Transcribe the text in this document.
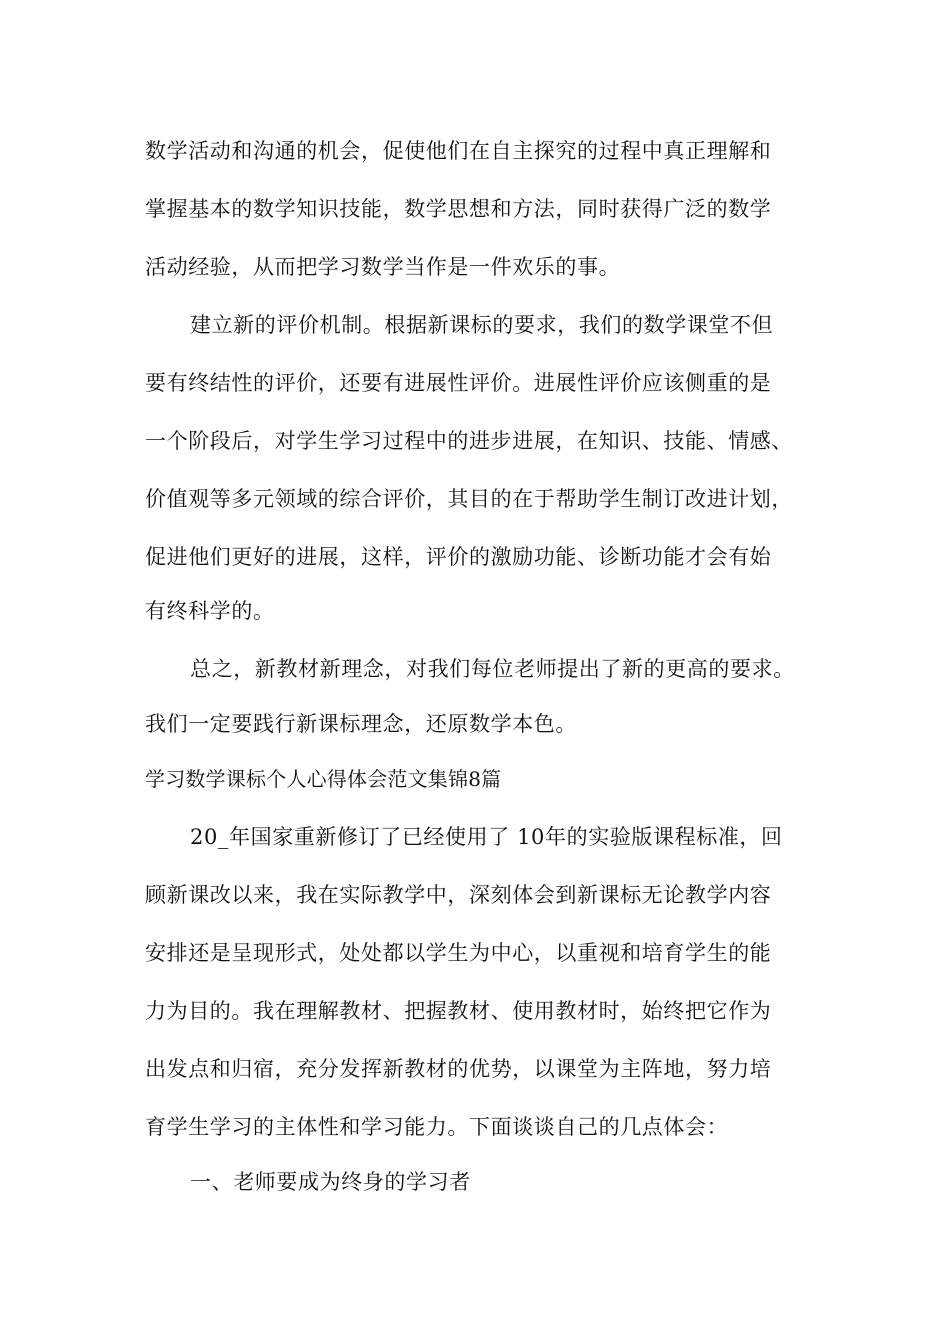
数学活动和沟通的机会，促使他们在自主探究的过程中真正理解和
掌握基本的数学知识技能，数学思想和方法，同时获得广泛的数学
活动经验，从而把学习数学当作是一件欢乐的事。
建立新的评价机制。根据新课标的要求，我们的数学课堂不但
要有终结性的评价，还要有进展性评价。进展性评价应该侧重的是
一个阶段后，对学生学习过程中的进步进展，在知识、技能、情感、
价值观等多元领域的综合评价，其目的在于帮助学生制订改进计划，
促进他们更好的进展，这样，评价的激励功能、诊断功能才会有始
有终科学的。
总之，新教材新理念，对我们每位老师提出了新的更高的要求。
我们一定要践行新课标理念，还原数学本色。
学习数学课标个人心得体会范文集锦8篇
20_年国家重新修订了已经使用了 10年的实验版课程标准，回
顾新课改以来，我在实际教学中，深刻体会到新课标无论教学内容
安排还是呈现形式，处处都以学生为中心，以重视和培育学生的能
力为目的。我在理解教材、把握教材、使用教材时，始终把它作为
出发点和归宿，充分发挥新教材的优势，以课堂为主阵地，努力培
育学生学习的主体性和学习能力。下面谈谈自己的几点体会：
一、老师要成为终身的学习者
